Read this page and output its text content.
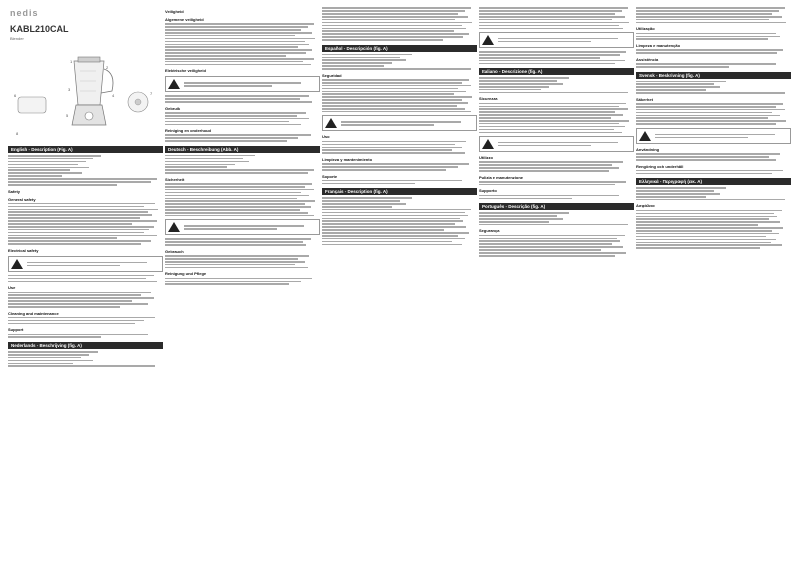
nedis
KABL210CAL
Blender
1
2
3
4
5
6	7
8
English - Description (Fig. A)
Safety
General safety
Electrical safety
Use
Cleaning and maintenance
Support
Nederlands - Beschrijving (fig. A)
Veiligheid
Algemene veiligheid
Elektrische veiligheid
Gebruik
Reiniging en onderhoud
Deutsch - Beschreibung (Abb. A)
Sicherheit
Gebrauch
Reinigung und Pflege
Español - Descripción (fig. A)
Seguridad
Uso
Limpieza y mantenimiento
Soporte
Français - Description (fig. A)
Italiano - Descrizione (fig. A)
Sicurezza
Utilizzo
Pulizia e manutenzione
Supporto
Português - Descrição (fig. A)
Segurança
Utilização
Limpeza e manutenção
Assistência
Svensk - Beskrivning (fig. A)
Säkerhet
Användning
Rengöring och underhåll
Ελληνικά - Περιγραφή (εικ. A)
Ασφάλεια
